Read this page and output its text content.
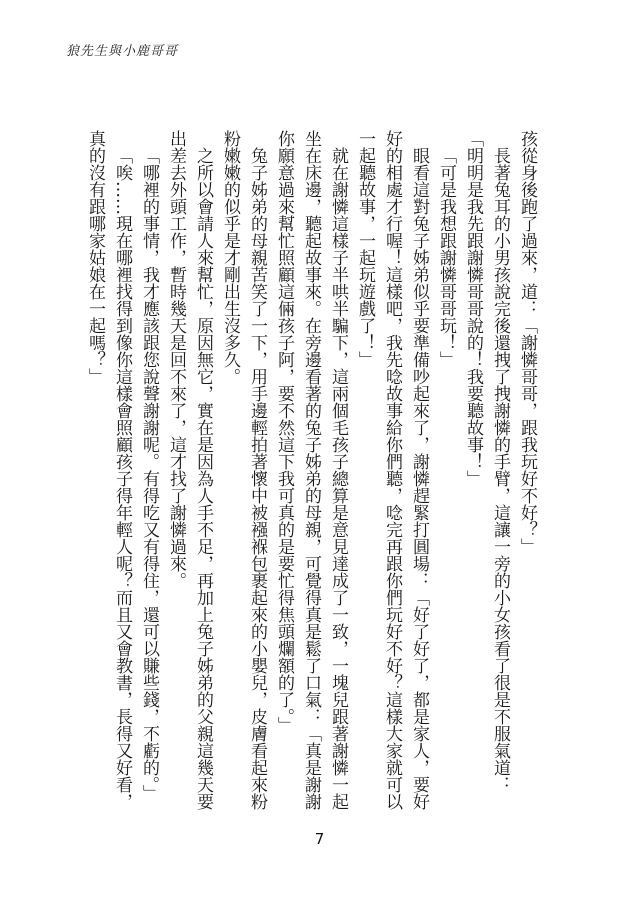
狼先生與小鹿哥哥

孩從身後跑了過來，道：「謝憐哥哥，跟我玩好不好？」

長著兔耳的小男孩說完後還拽了拽謝憐的手臂，這讓一旁的小女孩看了很是不服氣道：「明明是我先跟謝憐哥哥說的！我要聽故事！」

「可是我想跟謝憐哥哥玩！」

眼看這對兔子姊弟似乎要準備吵起來了，謝憐趕緊打圓場：「好了好了，都是家人，要好好的相處才行喔！這樣吧，我先唸故事給你們聽，唸完再跟你們玩好不好？這樣大家就可以一起聽故事，一起玩遊戲了！」

就在謝憐這樣子半哄半騙下，這兩個毛孩子總算是意見達成了一致，一塊兒跟著謝憐一起坐在床邊，聽起故事來。在旁邊看著的兔子姊弟的母親，可覺得真是鬆了口氣：「真是謝謝你願意過來幫忙照顧這倆孩子阿，要不然這下我可真的是要忙得焦頭爛額的了。」

兔子姊弟的母親苦笑了一下，用手邊輕拍著懷中被襁褓包裹起來的小嬰兒，皮膚看起來粉粉嫩嫩的似乎是才剛出生沒多久。

之所以會請人來幫忙，原因無它，實在是因為人手不足，再加上兔子姊弟的父親這幾天要出差去外頭工作，暫時幾天是回不來了，這才找了謝憐過來。

「哪裡的事情，我才應該跟您說聲謝謝呢。有得吃又有得住，還可以賺些錢，不虧的。」

「唉……現在哪裡找得到像你這樣會照顧孩子得年輕人呢？而且又會教書，長得又好看，真的沒有跟哪家姑娘在一起嗎？」

7
